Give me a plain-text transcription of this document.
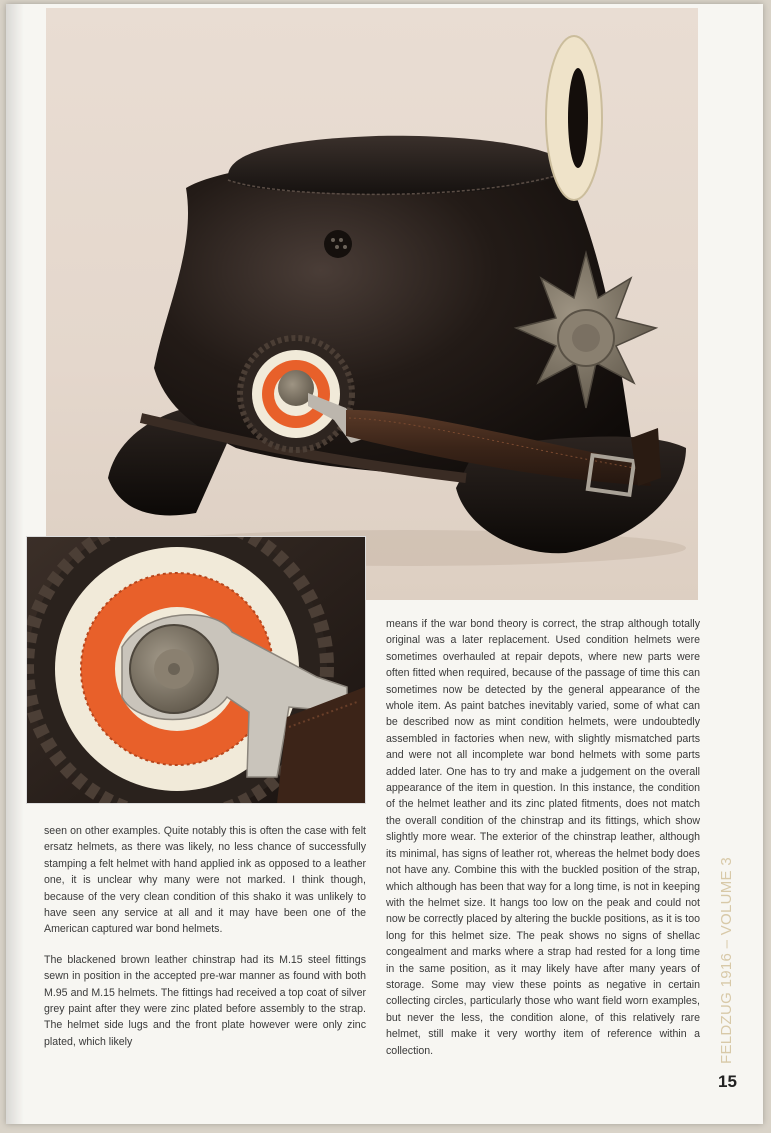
seen on other examples. Quite notably this is often the case with felt ersatz helmets, as there was likely, no less chance of successfully stamping a felt helmet with hand applied ink as opposed to a leather one, it is unclear why many were not marked. I think though, because of the very clean condition of this shako it was unlikely to have seen any service at all and it may have been one of the American captured war bond helmets.

The blackened brown leather chinstrap had its M.15 steel fittings sewn in position in the accepted pre-war manner as found with both M.95 and M.15 helmets. The fittings had received a top coat of silver grey paint after they were zinc plated before assembly to the strap. The helmet side lugs and the front plate however were only zinc plated, which likely

means if the war bond theory is correct, the strap although totally original was a later replacement. Used condition helmets were sometimes overhauled at repair depots, where new parts were often fitted when required, because of the passage of time this can sometimes now be detected by the general appearance of the whole item. As paint batches inevitably varied, some of what can be described now as mint condition helmets, were undoubtedly assembled in factories when new, with slightly mismatched parts and were not all incomplete war bond helmets with some parts added later. One has to try and make a judgement on the overall appearance of the item in question. In this instance, the condition of the helmet leather and its zinc plated fitments, does not match the overall condition of the chinstrap and its fittings, which show slightly more wear. The exterior of the chinstrap leather, although its minimal, has signs of leather rot, whereas the helmet body does not have any. Combine this with the buckled position of the strap, which although has been that way for a long time, is not in keeping with the helmet size. It hangs too low on the peak and could not now be correctly placed by altering the buckle positions, as it is too long for this helmet size. The peak shows no signs of shellac congealment and marks where a strap had rested for a long time in the same position, as it may likely have after many years of storage. Some may view these points as negative in certain collecting circles, particularly those who want field worn examples, but never the less, the condition alone, of this relatively rare helmet, still make it very worthy item of reference within a collection.	FELDZUG 1916 – VOLUME 3
15
